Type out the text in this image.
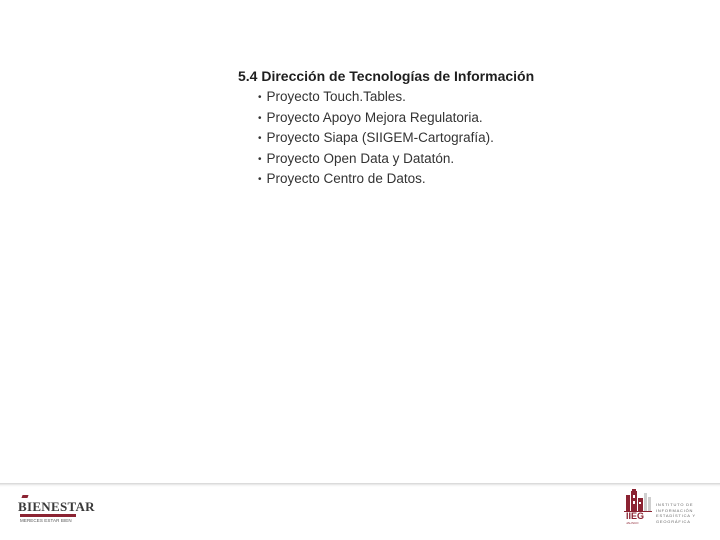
5.4 Dirección de Tecnologías de Información
• Proyecto Touch.Tables.
• Proyecto Apoyo Mejora Regulatoria.
• Proyecto Siapa (SIIGEM-Cartografía).
• Proyecto Open Data y Datatón.
• Proyecto Centro de Datos.
BIENESTAR
MERECES ESTAR BIEN	IIEG
JALISCO
INSTITUTO DE
INFORMACIÓN
ESTADÍSTICA Y
GEOGRÁFICA
